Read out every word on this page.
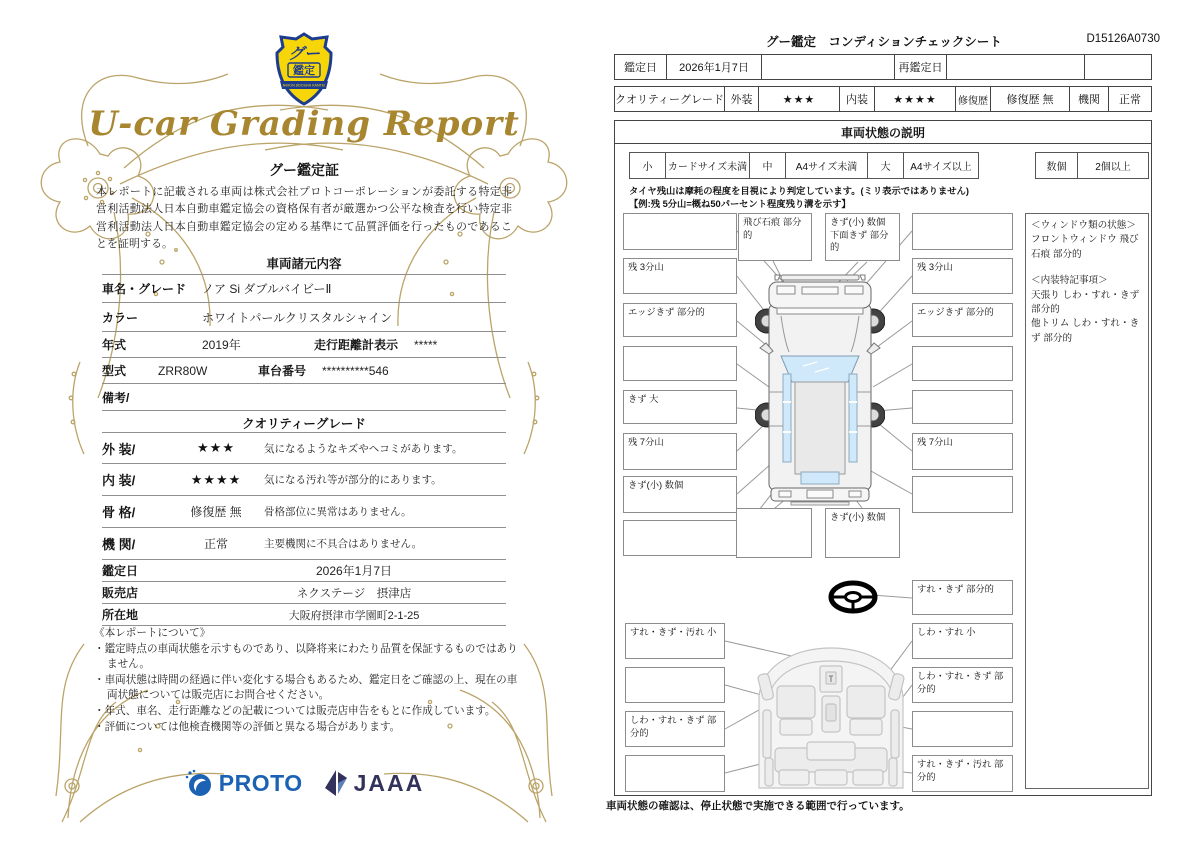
グー
鑑定
NIHON JIDOSHA KANTEI
U-car Grading Report
グー鑑定証
本レポートに記載される車両は株式会社プロトコーポレーションが委託する特定非営利活動法人日本自動車鑑定協会の資格保有者が厳選かつ公平な検査を行い特定非営利活動法人日本自動車鑑定協会の定める基準にて品質評価を行ったものであることを証明する。
車両諸元内容
車名・グレード	ノア Si ダブルバイビーⅡ
カラー	ホワイトパールクリスタルシャイン
年式	2019年	走行距離計表示	*****
型式	ZRR80W	車台番号	**********546
備考/
クオリティーグレード
外 装/	★★★	気になるようなキズやヘコミがあります。
内 装/	★★★★	気になる汚れ等が部分的にあります。
骨 格/	修復歴 無	骨格部位に異常はありません。
機 関/	正常	主要機関に不具合はありません。
鑑定日	2026年1月7日
販売店	ネクステージ　摂津店
所在地	大阪府摂津市学園町2-1-25
《本レポートについて》
・鑑定時点の車両状態を示すものであり、以降将来にわたり品質を保証するものではありません。
・車両状態は時間の経過に伴い変化する場合もあるため、鑑定日をご確認の上、現在の車両状態については販売店にお問合せください。
・年式、車名、走行距離などの記載については販売店申告をもとに作成しています。
・評価については他検査機関等の評価と異なる場合があります。
PROTO JAAA
グー鑑定　コンディションチェックシート	D15126A0730
鑑定日	2026年1月7日	再鑑定日
クオリティーグレード 外装	★★★	内装	★★★★	修復歴	修復歴 無	機関	正常
車両状態の説明
小	カードサイズ未満	中	A4サイズ未満	大	A4サイズ以上	数個	2個以上
タイヤ残山は摩耗の程度を目視により判定しています。(ミリ表示ではありません)
【例:残 5分山=概ね50パーセント程度残り溝を示す】
残 3分山
エッジきず 部分的
きず 大
残 7分山
きず(小) 数個
飛び石痕 部分的
きず(小) 数個
下面きず 部分的
残 3分山
エッジきず 部分的
残 7分山
きず(小) 数個
すれ・きず 部分的
しわ・すれ 小
しわ・すれ・きず 部分的
すれ・きず・汚れ 部分的
すれ・きず・汚れ 小
しわ・すれ・きず 部分的
＜ウィンドウ類の状態＞
フロントウィンドウ 飛び石痕 部分的
＜内装特記事項＞
天張り しわ・すれ・きず 部分的
他トリム しわ・すれ・きず 部分的
車両状態の確認は、停止状態で実施できる範囲で行っています。
